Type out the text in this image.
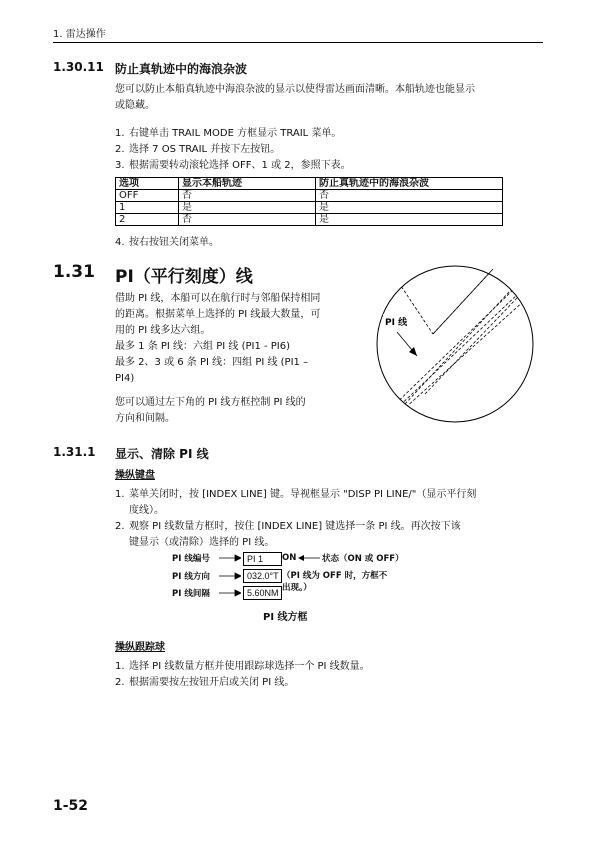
1. 雷达操作
1.30.11 防止真轨迹中的海浪杂波
您可以防止本船真轨迹中海浪杂波的显示以使得雷达画面清晰。本船轨迹也能显示
或隐藏。
1. 右键单击 TRAIL MODE 方框显示 TRAIL 菜单。
2. 选择 7 OS TRAIL 并按下左按钮。
3. 根据需要转动滚轮选择 OFF、1 或 2，参照下表。
选项	显示本船轨迹	防止真轨迹中的海浪杂波
OFF	否	否
1	是	是
2	否	是
4. 按右按钮关闭菜单。
1.31 PI（平行刻度）线
借助 PI 线，本船可以在航行时与邻船保持相同
的距离。根据菜单上选择的 PI 线最大数量，可
用的 PI 线多达六组。
最多 1 条 PI 线：六组 PI 线 (PI1 - PI6)
最多 2、3 或 6 条 PI 线：四组 PI 线 (PI1 –
PI4)
您可以通过左下角的 PI 线方框控制 PI 线的
方向和间隔。
PI 线
1.31.1 显示、清除 PI 线
操纵键盘
1. 菜单关闭时，按 [INDEX LINE] 键。导视框显示 "DISP PI LINE/"（显示平行刻
度线）。
2. 观察 PI 线数量方框时，按住 [INDEX LINE] 键选择一条 PI 线。再次按下该
键显示（或清除）选择的 PI 线。
PI 线编号
PI 线方向
PI 线间隔
PI 1
032.0°T
5.60NM
ON	状态（ON 或 OFF）
（PI 线为 OFF 时，方框不
出现。）
PI 线方框
操纵跟踪球
1. 选择 PI 线数量方框并使用跟踪球选择一个 PI 线数量。
2. 根据需要按左按钮开启或关闭 PI 线。
1-52
